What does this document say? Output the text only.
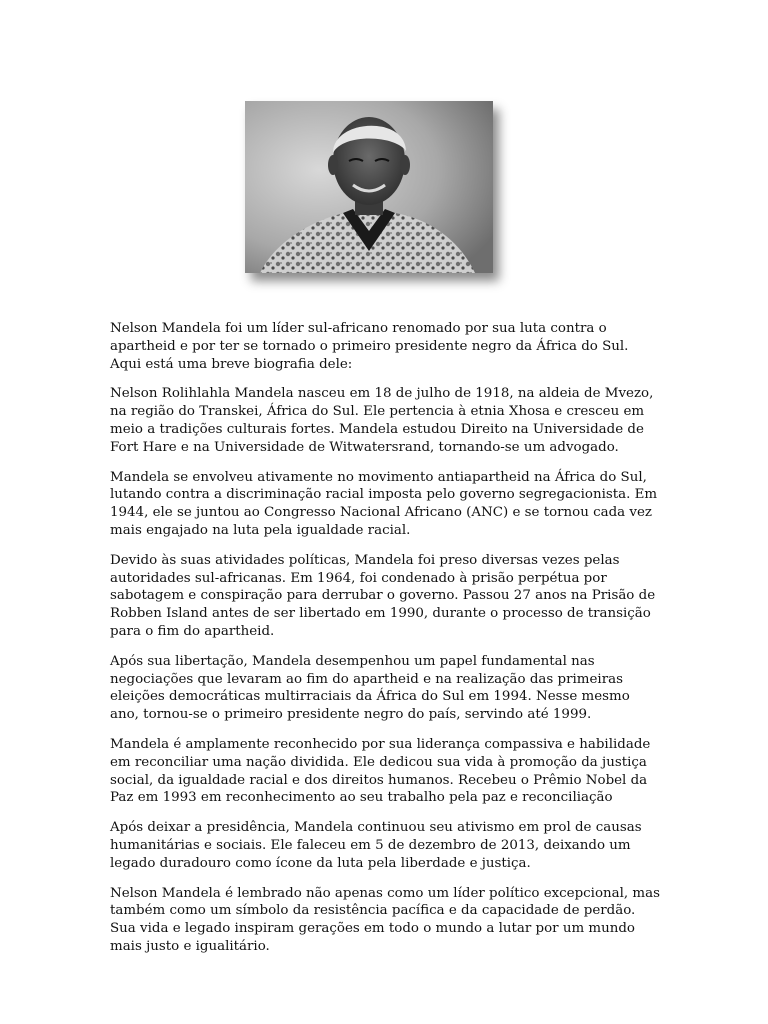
Nelson Mandela foi um líder sul-africano renomado por sua luta contra o apartheid e por ter se tornado o primeiro presidente negro da África do Sul. Aqui está uma breve biografia dele:

Nelson Rolihlahla Mandela nasceu em 18 de julho de 1918, na aldeia de Mvezo, na região do Transkei, África do Sul. Ele pertencia à etnia Xhosa e cresceu em meio a tradições culturais fortes. Mandela estudou Direito na Universidade de Fort Hare e na Universidade de Witwatersrand, tornando-se um advogado.

Mandela se envolveu ativamente no movimento antiapartheid na África do Sul, lutando contra a discriminação racial imposta pelo governo segregacionista. Em 1944, ele se juntou ao Congresso Nacional Africano (ANC) e se tornou cada vez mais engajado na luta pela igualdade racial.

Devido às suas atividades políticas, Mandela foi preso diversas vezes pelas autoridades sul-africanas. Em 1964, foi condenado à prisão perpétua por sabotagem e conspiração para derrubar o governo. Passou 27 anos na Prisão de Robben Island antes de ser libertado em 1990, durante o processo de transição para o fim do apartheid.

Após sua libertação, Mandela desempenhou um papel fundamental nas negociações que levaram ao fim do apartheid e na realização das primeiras eleições democráticas multirraciais da África do Sul em 1994. Nesse mesmo ano, tornou-se o primeiro presidente negro do país, servindo até 1999.

Mandela é amplamente reconhecido por sua liderança compassiva e habilidade em reconciliar uma nação dividida. Ele dedicou sua vida à promoção da justiça social, da igualdade racial e dos direitos humanos. Recebeu o Prêmio Nobel da Paz em 1993 em reconhecimento ao seu trabalho pela paz e reconciliação

Após deixar a presidência, Mandela continuou seu ativismo em prol de causas humanitárias e sociais. Ele faleceu em 5 de dezembro de 2013, deixando um legado duradouro como ícone da luta pela liberdade e justiça.

Nelson Mandela é lembrado não apenas como um líder político excepcional, mas também como um símbolo da resistência pacífica e da capacidade de perdão. Sua vida e legado inspiram gerações em todo o mundo a lutar por um mundo mais justo e igualitário.
